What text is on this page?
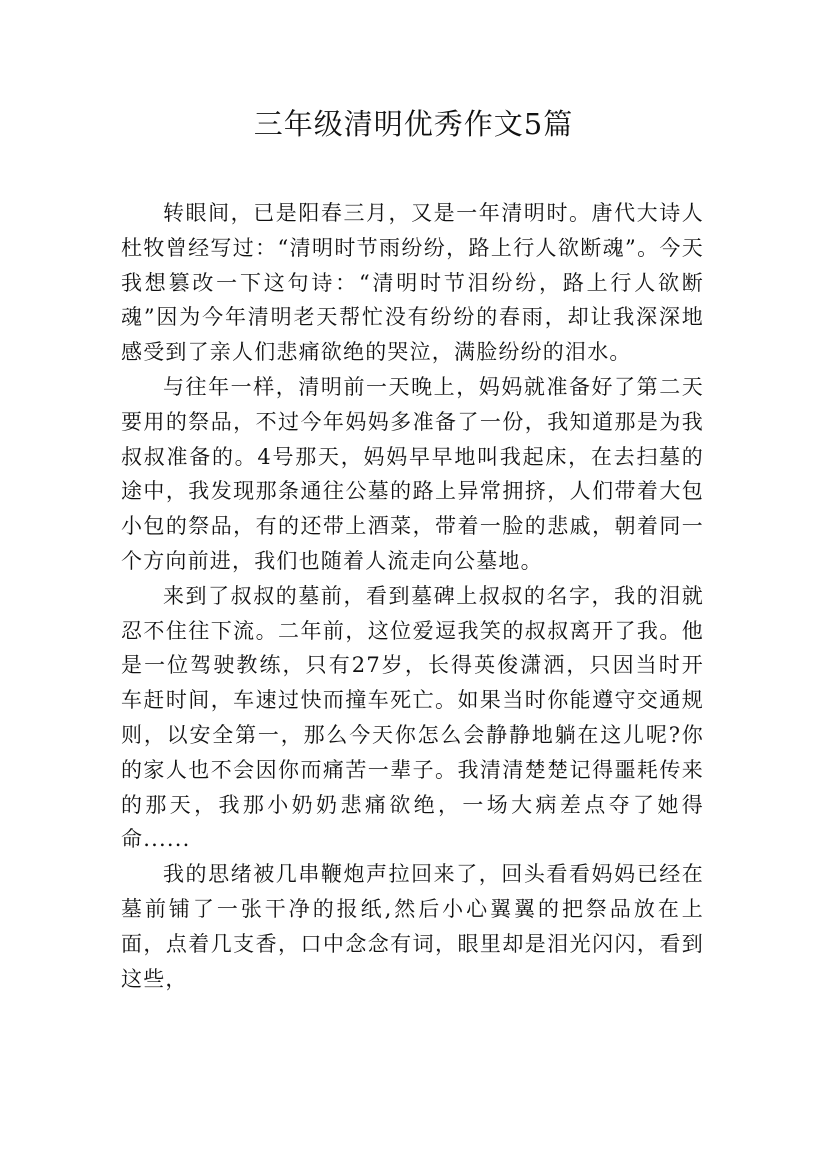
三年级清明优秀作文5篇

转眼间，已是阳春三月，又是一年清明时。唐代大诗人杜牧曾经写过：“清明时节雨纷纷，路上行人欲断魂”。今天我想篡改一下这句诗：“清明时节泪纷纷，路上行人欲断魂”因为今年清明老天帮忙没有纷纷的春雨，却让我深深地感受到了亲人们悲痛欲绝的哭泣，满脸纷纷的泪水。

与往年一样，清明前一天晚上，妈妈就准备好了第二天要用的祭品，不过今年妈妈多准备了一份，我知道那是为我叔叔准备的。4号那天，妈妈早早地叫我起床，在去扫墓的途中，我发现那条通往公墓的路上异常拥挤，人们带着大包小包的祭品，有的还带上酒菜，带着一脸的悲戚，朝着同一个方向前进，我们也随着人流走向公墓地。

来到了叔叔的墓前，看到墓碑上叔叔的名字，我的泪就忍不住往下流。二年前，这位爱逗我笑的叔叔离开了我。他是一位驾驶教练，只有27岁，长得英俊潇洒，只因当时开车赶时间，车速过快而撞车死亡。如果当时你能遵守交通规则，以安全第一，那么今天你怎么会静静地躺在这儿呢?你的家人也不会因你而痛苦一辈子。我清清楚楚记得噩耗传来的那天，我那小奶奶悲痛欲绝，一场大病差点夺了她得命......

我的思绪被几串鞭炮声拉回来了，回头看看妈妈已经在墓前铺了一张干净的报纸,然后小心翼翼的把祭品放在上面，点着几支香，口中念念有词，眼里却是泪光闪闪，看到这些，
